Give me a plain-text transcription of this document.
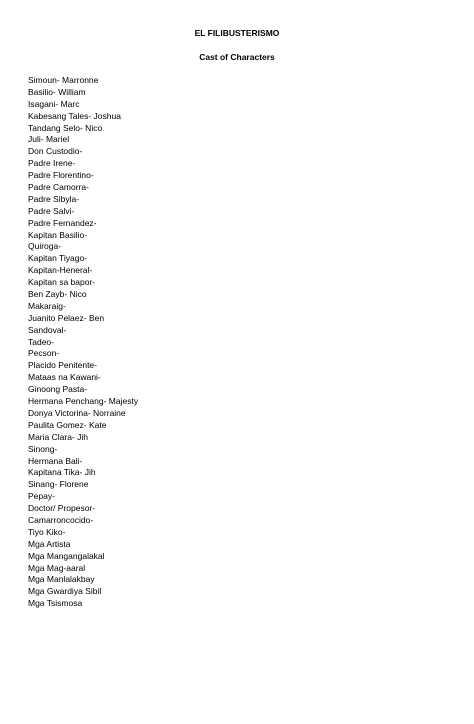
EL FILIBUSTERISMO
Cast of Characters
Simoun- Marronne
Basilio- William
Isagani- Marc
Kabesang Tales- Joshua
Tandang Selo- Nico
Juli- Mariel
Don Custodio-
Padre Irene-
Padre Florentino-
Padre Camorra-
Padre Sibyla-
Padre Salvi-
Padre Fernandez-
Kapitan Basilio-
Quiroga-
Kapitan Tiyago-
Kapitan-Heneral-
Kapitan sa bapor-
Ben Zayb- Nico
Makaraig-
Juanito Pelaez- Ben
Sandoval-
Tadeo-
Pecson-
Placido Penitente-
Mataas na Kawani-
Ginoong Pasta-
Hermana Penchang- Majesty
Donya Victorina- Norraine
Paulita Gomez- Kate
Maria Clara- Jih
Sinong-
Hermana Bali-
Kapitana Tika- Jih
Sinang- Florene
Pepay-
Doctor/ Propesor-
Camarroncocido-
Tiyo Kiko-
Mga Artista
Mga Mangangalakal
Mga Mag-aaral
Mga Manlalakbay
Mga Gwardiya Sibil
Mga Tsismosa
